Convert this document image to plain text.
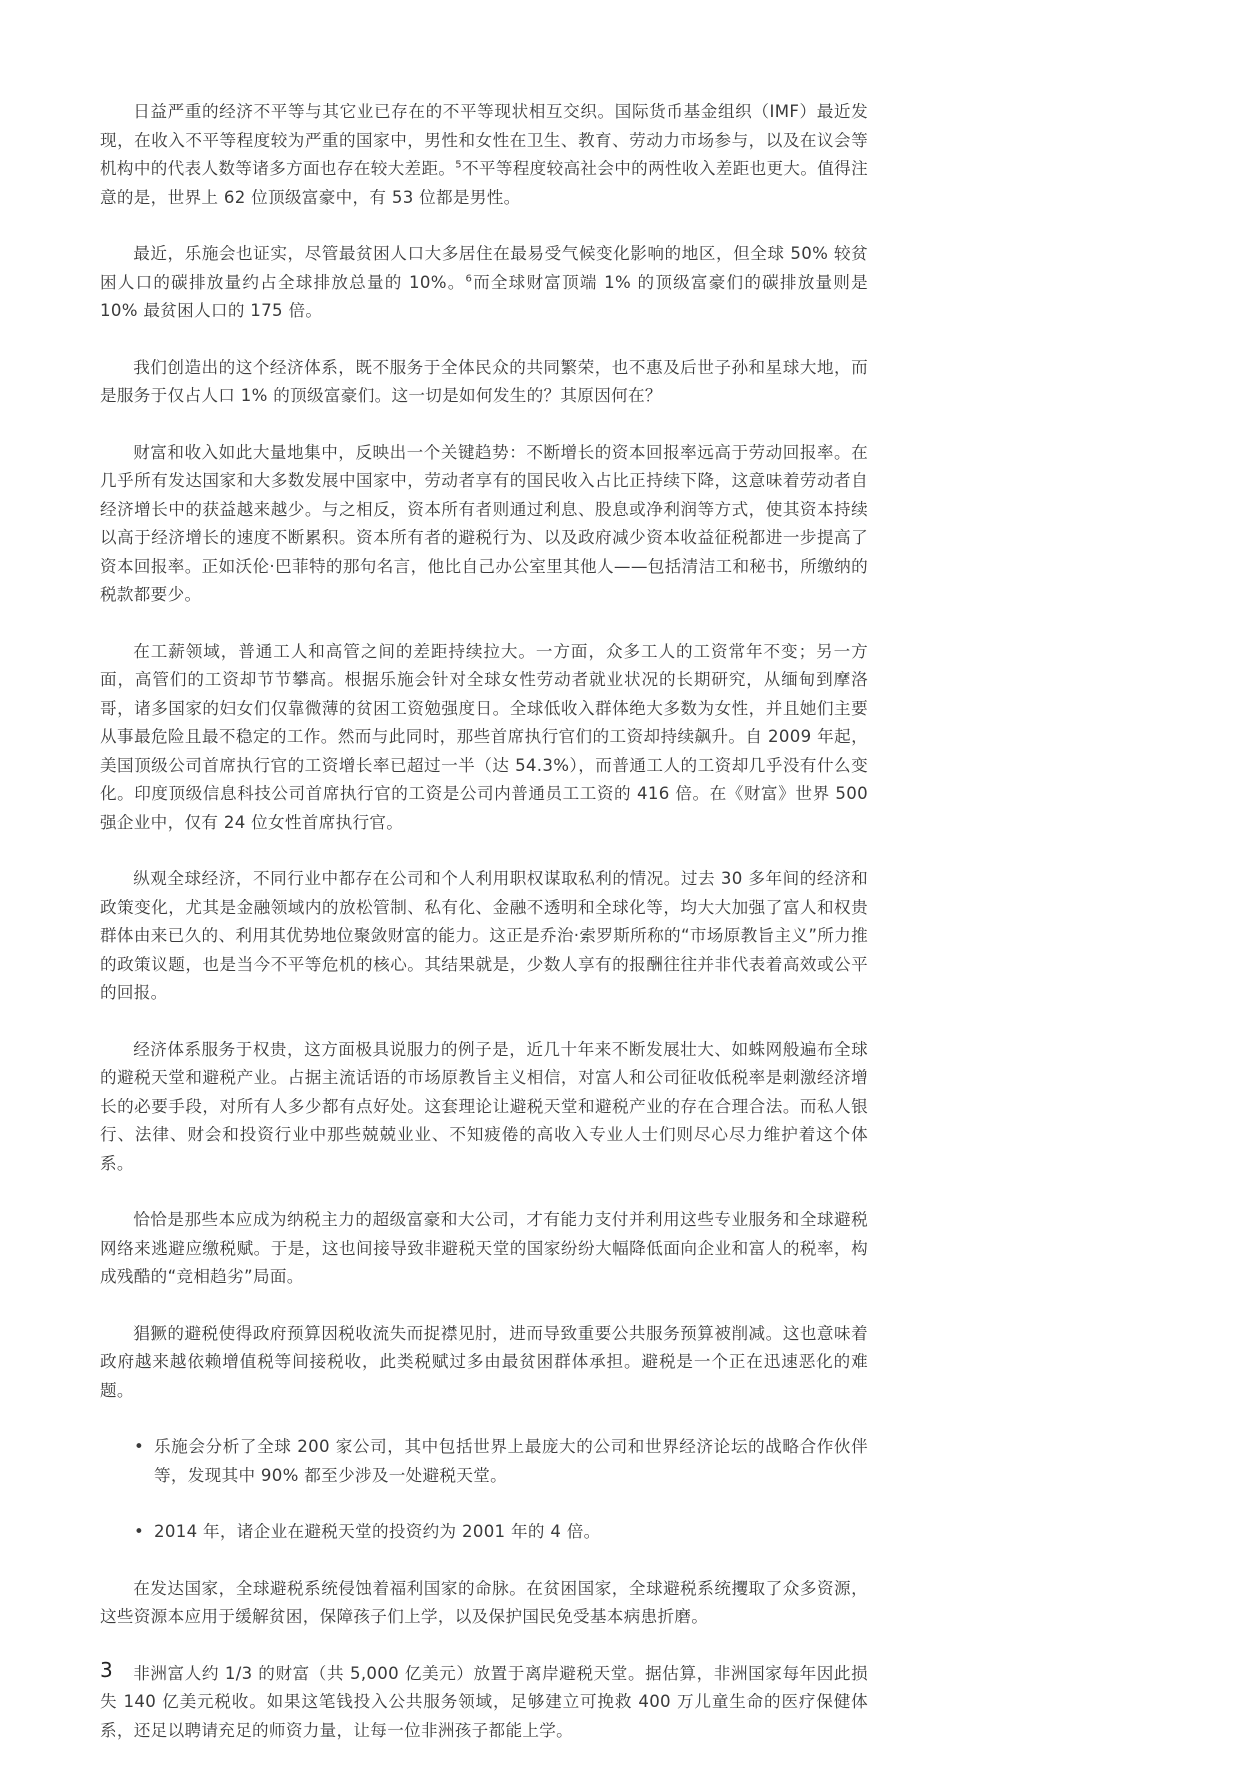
日益严重的经济不平等与其它业已存在的不平等现状相互交织。国际货币基金组织（IMF）最近发现，在收入不平等程度较为严重的国家中，男性和女性在卫生、教育、劳动力市场参与，以及在议会等机构中的代表人数等诸多方面也存在较大差距。$^5$不平等程度较高社会中的两性收入差距也更大。值得注意的是，世界上 62 位顶级富豪中，有 53 位都是男性。

最近，乐施会也证实，尽管最贫困人口大多居住在最易受气候变化影响的地区，但全球 50% 较贫困人口的碳排放量约占全球排放总量的 10%。$^6$而全球财富顶端 1% 的顶级富豪们的碳排放量则是 10% 最贫困人口的 175 倍。

我们创造出的这个经济体系，既不服务于全体民众的共同繁荣，也不惠及后世子孙和星球大地，而是服务于仅占人口 1% 的顶级富豪们。这一切是如何发生的？其原因何在？

财富和收入如此大量地集中，反映出一个关键趋势：不断增长的资本回报率远高于劳动回报率。在几乎所有发达国家和大多数发展中国家中，劳动者享有的国民收入占比正持续下降，这意味着劳动者自经济增长中的获益越来越少。与之相反，资本所有者则通过利息、股息或净利润等方式，使其资本持续以高于经济增长的速度不断累积。资本所有者的避税行为、以及政府减少资本收益征税都进一步提高了资本回报率。正如沃伦·巴菲特的那句名言，他比自己办公室里其他人——包括清洁工和秘书，所缴纳的税款都要少。

在工薪领域，普通工人和高管之间的差距持续拉大。一方面，众多工人的工资常年不变；另一方面，高管们的工资却节节攀高。根据乐施会针对全球女性劳动者就业状况的长期研究，从缅甸到摩洛哥，诸多国家的妇女们仅靠微薄的贫困工资勉强度日。全球低收入群体绝大多数为女性，并且她们主要从事最危险且最不稳定的工作。然而与此同时，那些首席执行官们的工资却持续飙升。自 2009 年起，美国顶级公司首席执行官的工资增长率已超过一半（达 54.3%），而普通工人的工资却几乎没有什么变化。印度顶级信息科技公司首席执行官的工资是公司内普通员工工资的 416 倍。在《财富》世界 500 强企业中，仅有 24 位女性首席执行官。

纵观全球经济，不同行业中都存在公司和个人利用职权谋取私利的情况。过去 30 多年间的经济和政策变化，尤其是金融领域内的放松管制、私有化、金融不透明和全球化等，均大大加强了富人和权贵群体由来已久的、利用其优势地位聚敛财富的能力。这正是乔治·索罗斯所称的“市场原教旨主义”所力推的政策议题，也是当今不平等危机的核心。其结果就是，少数人享有的报酬往往并非代表着高效或公平的回报。

经济体系服务于权贵，这方面极具说服力的例子是，近几十年来不断发展壮大、如蛛网般遍布全球的避税天堂和避税产业。占据主流话语的市场原教旨主义相信，对富人和公司征收低税率是刺激经济增长的必要手段，对所有人多少都有点好处。这套理论让避税天堂和避税产业的存在合理合法。而私人银行、法律、财会和投资行业中那些兢兢业业、不知疲倦的高收入专业人士们则尽心尽力维护着这个体系。

恰恰是那些本应成为纳税主力的超级富豪和大公司，才有能力支付并利用这些专业服务和全球避税网络来逃避应缴税赋。于是，这也间接导致非避税天堂的国家纷纷大幅降低面向企业和富人的税率，构成残酷的“竞相趋劣”局面。

猖獗的避税使得政府预算因税收流失而捉襟见肘，进而导致重要公共服务预算被削减。这也意味着政府越来越依赖增值税等间接税收，此类税赋过多由最贫困群体承担。避税是一个正在迅速恶化的难题。

• 乐施会分析了全球 200 家公司，其中包括世界上最庞大的公司和世界经济论坛的战略合作伙伴等，发现其中 90% 都至少涉及一处避税天堂。
• 2014 年，诸企业在避税天堂的投资约为 2001 年的 4 倍。

在发达国家，全球避税系统侵蚀着福利国家的命脉。在贫困国家，全球避税系统攫取了众多资源，这些资源本应用于缓解贫困，保障孩子们上学，以及保护国民免受基本病患折磨。

非洲富人约 1/3 的财富（共 5,000 亿美元）放置于离岸避税天堂。据估算，非洲国家每年因此损失 140 亿美元税收。如果这笔钱投入公共服务领域，足够建立可挽救 400 万儿童生命的医疗保健体系，还足以聘请充足的师资力量，让每一位非洲孩子都能上学。

3
